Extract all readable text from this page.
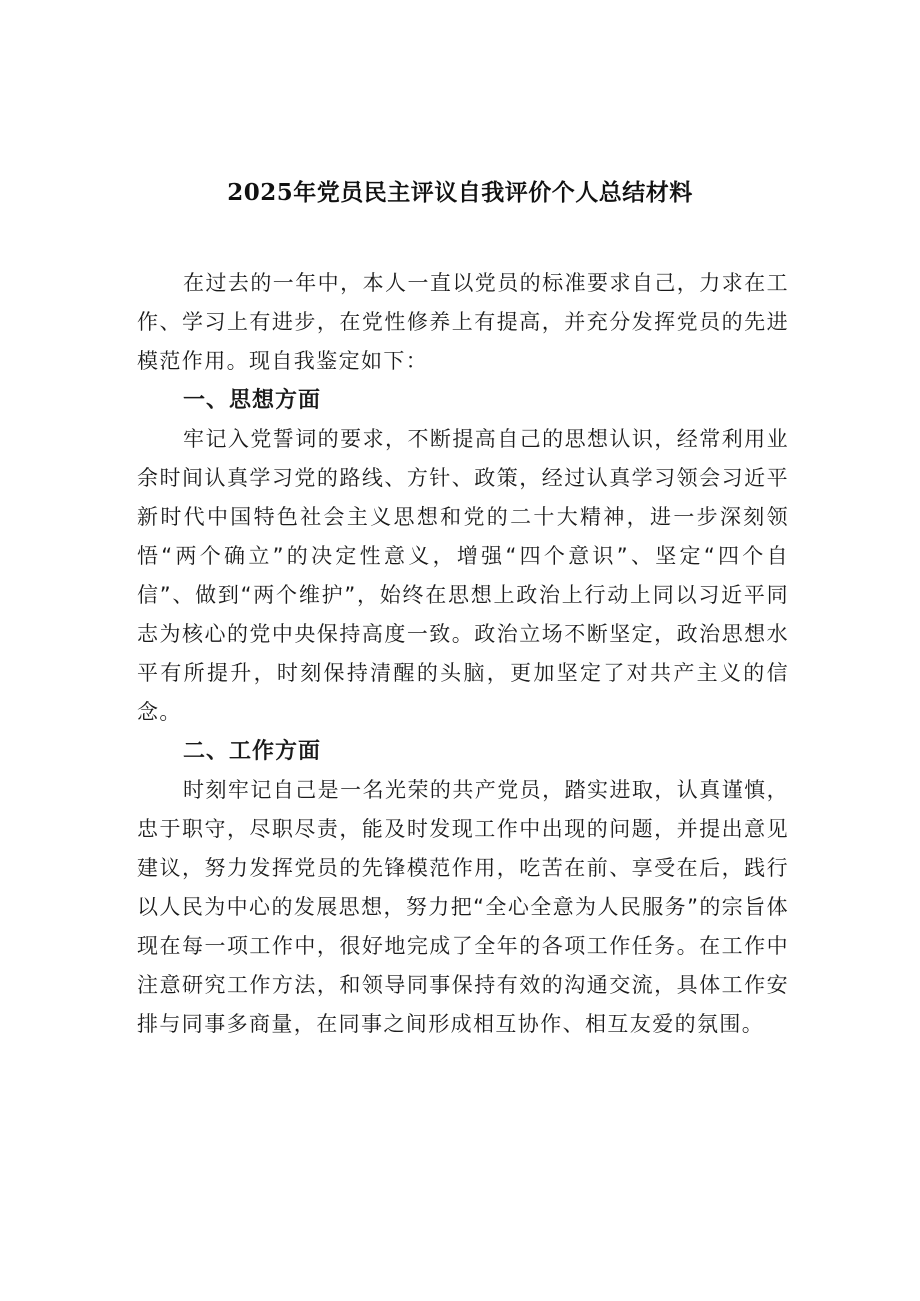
2025年党员民主评议自我评价个人总结材料

在过去的一年中，本人一直以党员的标准要求自己，力求在工作、学习上有进步，在党性修养上有提高，并充分发挥党员的先进模范作用。现自我鉴定如下：

一、思想方面

牢记入党誓词的要求，不断提高自己的思想认识，经常利用业余时间认真学习党的路线、方针、政策，经过认真学习领会习近平新时代中国特色社会主义思想和党的二十大精神，进一步深刻领悟“两个确立”的决定性意义，增强“四个意识”、坚定“四个自信”、做到“两个维护”，始终在思想上政治上行动上同以习近平同志为核心的党中央保持高度一致。政治立场不断坚定，政治思想水平有所提升，时刻保持清醒的头脑，更加坚定了对共产主义的信念。

二、工作方面

时刻牢记自己是一名光荣的共产党员，踏实进取，认真谨慎，忠于职守，尽职尽责，能及时发现工作中出现的问题，并提出意见建议，努力发挥党员的先锋模范作用，吃苦在前、享受在后，践行以人民为中心的发展思想，努力把“全心全意为人民服务”的宗旨体现在每一项工作中，很好地完成了全年的各项工作任务。在工作中注意研究工作方法，和领导同事保持有效的沟通交流，具体工作安排与同事多商量，在同事之间形成相互协作、相互友爱的氛围。
